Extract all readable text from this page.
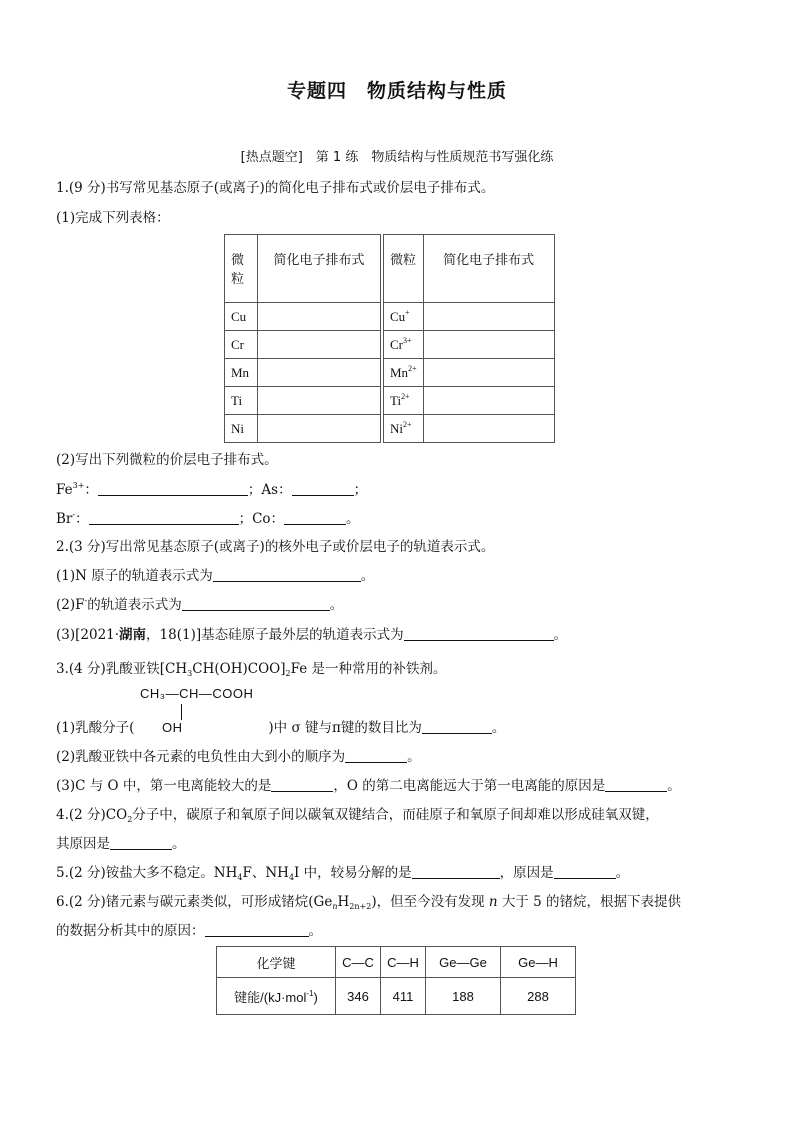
专题四　物质结构与性质
[热点题空]　第 1 练　物质结构与性质规范书写强化练
1.(9 分)书写常见基态原子(或离子)的简化电子排布式或价层电子排布式。
(1)完成下列表格：
微粒	简化电子排布式		微粒	简化电子排布式
Cu			Cu+	
Cr			$Cr^{3+}$	
Mn			$Mn^{2+}$	
Ti			$Ti^{2+}$	
Ni			$Ni^{2+}$	
(2)写出下列微粒的价层电子排布式。
$Fe^{3+}$：	；As：	；
Br-：	；Co：	。
2.(3 分)写出常见基态原子(或离子)的核外电子或价层电子的轨道表示式。
(1)N 原子的轨道表示式为	。
(2)F-的轨道表示式为	。
(3)[2021·湖南，18(1)]基态硅原子最外层的轨道表示式为	。
3.(4 分)乳酸亚铁$[CH_3CH(OH)COO]_2Fe$ 是一种常用的补铁剂。
CH₃—CH—COOH
OH
(1)乳酸分子(	)中 σ 键与π键的数目比为	。
(2)乳酸亚铁中各元素的电负性由大到小的顺序为	。
(3)C 与 O 中，第一电离能较大的是	，O 的第二电离能远大于第一电离能的原因是	。
4.(2 分)$CO_2$分子中，碳原子和氧原子间以碳氧双键结合，而硅原子和氧原子间却难以形成硅氧双键，
其原因是	。
5.(2 分)铵盐大多不稳定。$NH_4F$、$NH_4I$ 中，较易分解的是	，原因是	。
6.(2 分)锗元素与碳元素类似，可形成锗烷$(Ge_nH_{2n+2})$，但至今没有发现 n 大于 5 的锗烷，根据下表提供
的数据分析其中的原因：	。
化学键	C—C	C—H	Ge—Ge	Ge—H
键能/(kJ·mol$^{-1}$)	346	411	188	288
